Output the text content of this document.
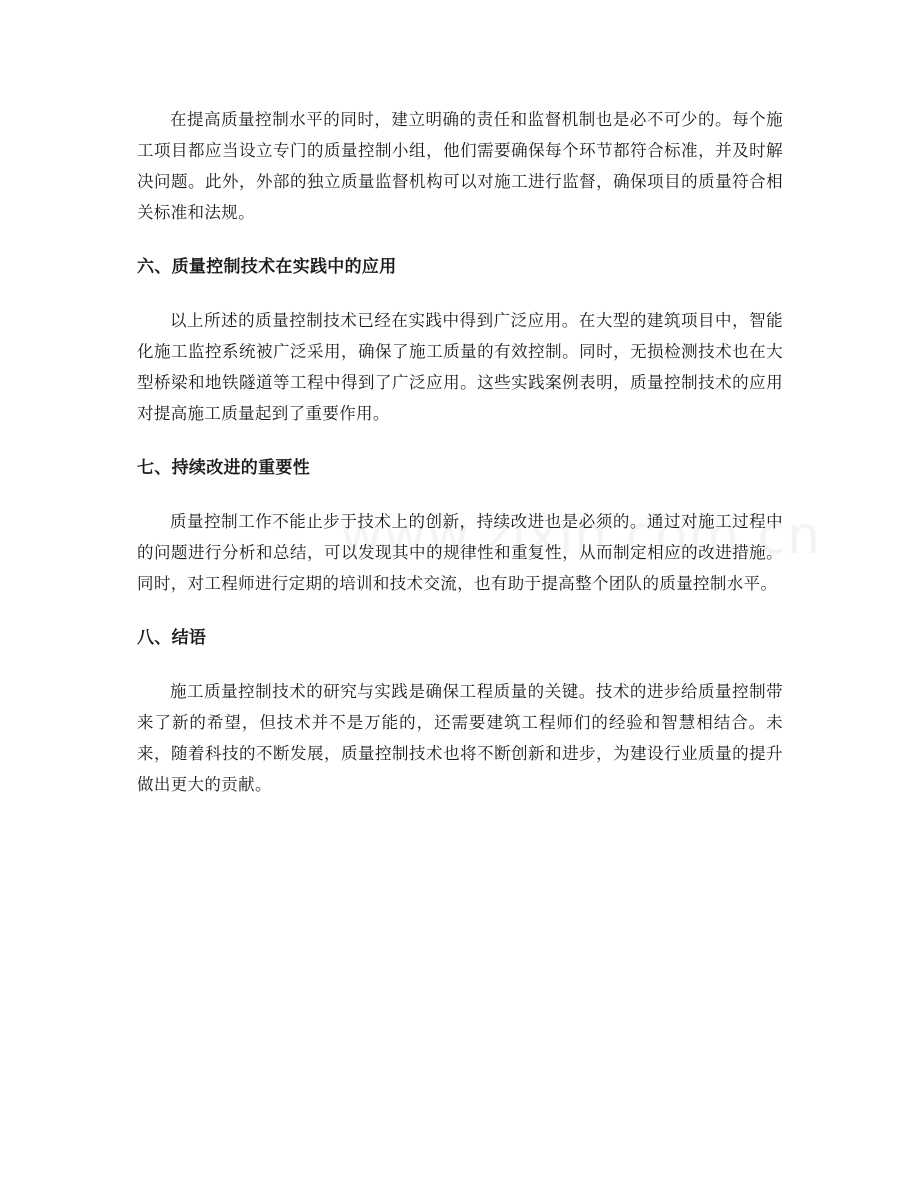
在提高质量控制水平的同时，建立明确的责任和监督机制也是必不可少的。每个施工项目都应当设立专门的质量控制小组，他们需要确保每个环节都符合标准，并及时解决问题。此外，外部的独立质量监督机构可以对施工进行监督，确保项目的质量符合相关标准和法规。

六、质量控制技术在实践中的应用

以上所述的质量控制技术已经在实践中得到广泛应用。在大型的建筑项目中，智能化施工监控系统被广泛采用，确保了施工质量的有效控制。同时，无损检测技术也在大型桥梁和地铁隧道等工程中得到了广泛应用。这些实践案例表明，质量控制技术的应用对提高施工质量起到了重要作用。

七、持续改进的重要性

质量控制工作不能止步于技术上的创新，持续改进也是必须的。通过对施工过程中的问题进行分析和总结，可以发现其中的规律性和重复性，从而制定相应的改进措施。同时，对工程师进行定期的培训和技术交流，也有助于提高整个团队的质量控制水平。

八、结语

施工质量控制技术的研究与实践是确保工程质量的关键。技术的进步给质量控制带来了新的希望，但技术并不是万能的，还需要建筑工程师们的经验和智慧相结合。未来，随着科技的不断发展，质量控制技术也将不断创新和进步，为建设行业质量的提升做出更大的贡献。
